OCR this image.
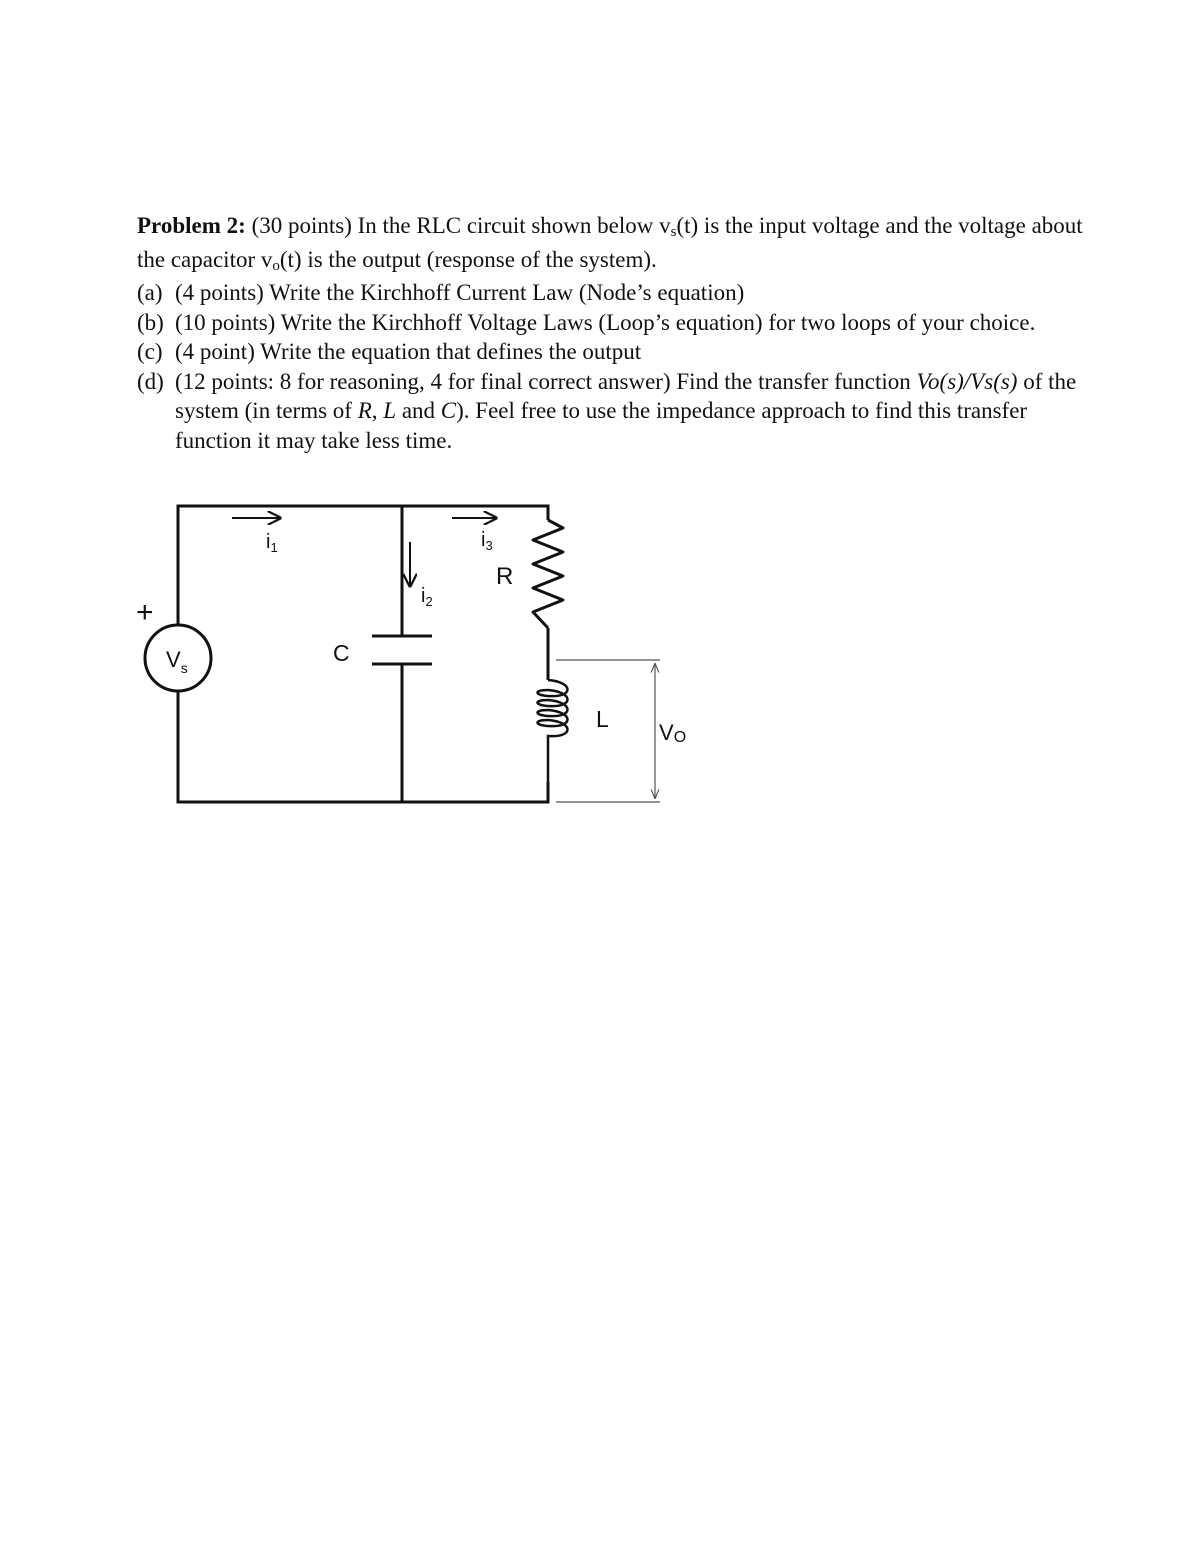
Problem 2: (30 points) In the RLC circuit shown below vs(t) is the input voltage and the voltage about the capacitor vo(t) is the output (response of the system).

(a) (4 points) Write the Kirchhoff Current Law (Node’s equation)
(b) (10 points) Write the Kirchhoff Voltage Laws (Loop’s equation) for two loops of your choice.
(c) (4 point) Write the equation that defines the output
(d) (12 points: 8 for reasoning, 4 for final correct answer) Find the transfer function Vo(s)/Vs(s) of the system (in terms of R, L and C). Feel free to use the impedance approach to find this transfer function it may take less time.
$V_s$
+
C
R
L
$i_1$
$i_2$
$i_3$
VO
